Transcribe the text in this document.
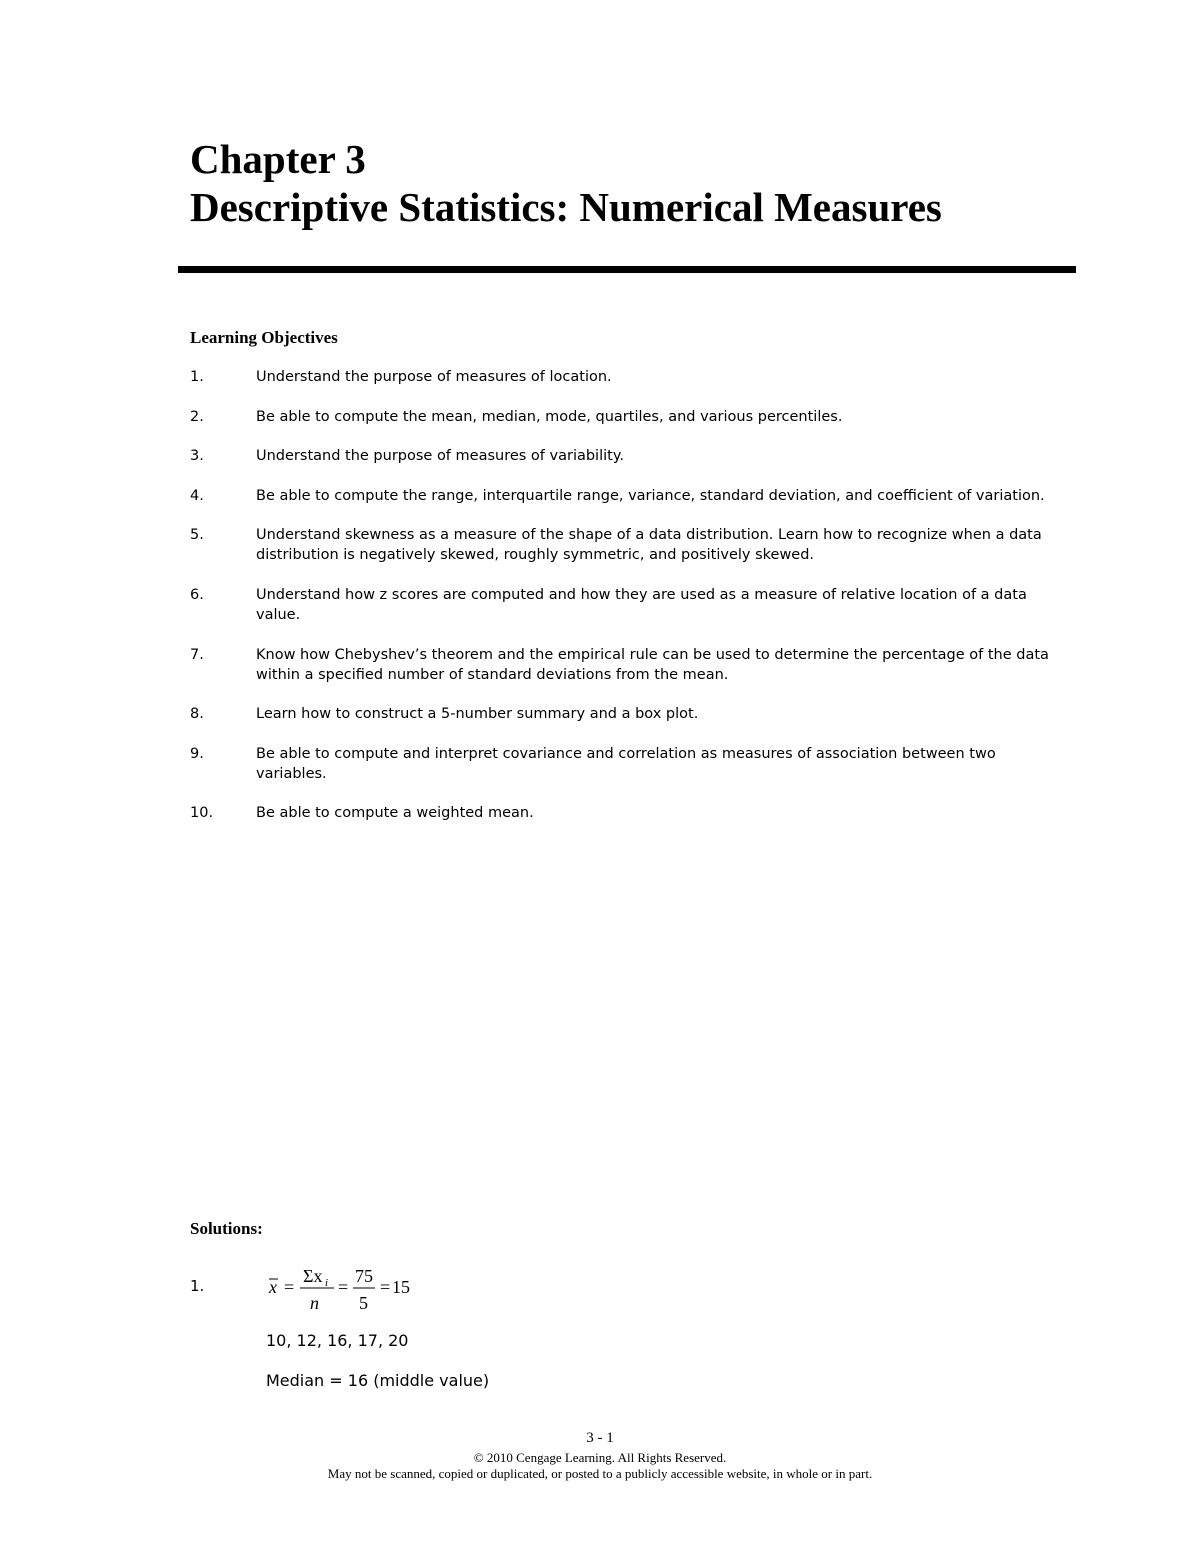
Chapter 3
Descriptive Statistics: Numerical Measures
Learning Objectives
1.	Understand the purpose of measures of location.
2.	Be able to compute the mean, median, mode, quartiles, and various percentiles.
3.	Understand the purpose of measures of variability.
4.	Be able to compute the range, interquartile range, variance, standard deviation, and coefficient of variation.
5.	Understand skewness as a measure of the shape of a data distribution. Learn how to recognize when a data distribution is negatively skewed, roughly symmetric, and positively skewed.
6.	Understand how z scores are computed and how they are used as a measure of relative location of a data value.
7.	Know how Chebyshev’s theorem and the empirical rule can be used to determine the percentage of the data within a specified number of standard deviations from the mean.
8.	Learn how to construct a 5-number summary and a box plot.
9.	Be able to compute and interpret covariance and correlation as measures of association between two variables.
10.	Be able to compute a weighted mean.
Solutions:
1.	x =
Σx i
n
=
75
5
= 15
10, 12, 16, 17, 20
Median = 16 (middle value)
3 - 1
© 2010 Cengage Learning. All Rights Reserved.
May not be scanned, copied or duplicated, or posted to a publicly accessible website, in whole or in part.
